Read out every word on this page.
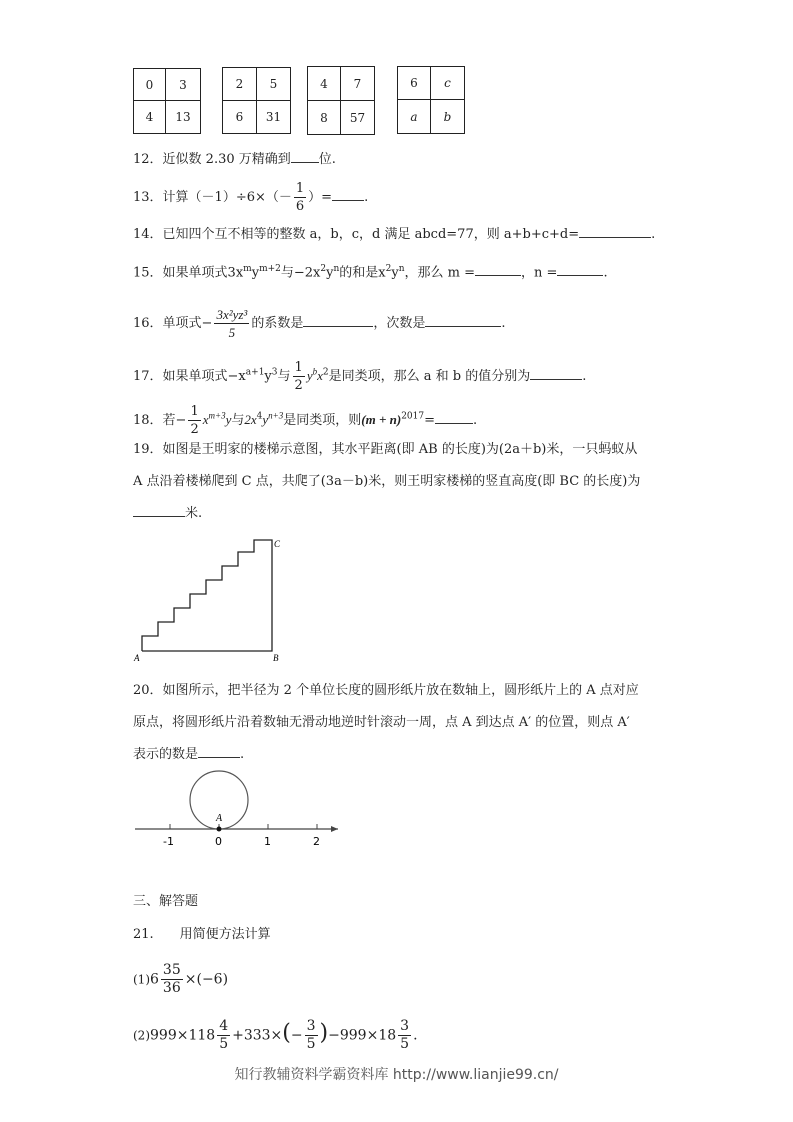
0	3
4	13
2	5
6	31
4	7
8	57
6	c
a	b
12．近似数 2.30 万精确到 位.
13．计算$(-1)\div 6\times(- \frac{1}{6}$ ）= .
14．已知四个互不相等的整数 a，b，c，d 满足 abcd=77，则 a+b+c+d=	.
15．如果单项式$3x^my^{m+2}$与$-2x^2y^n$的和是$x^2y^n$，那么 m =	，n =	.
16．单项式− $\frac{\text{3x²yz³}}{5}$ 的系数是	，次数是	.
17．如果单项式$-x^{a+1}y^3$与 $\frac{1}{2} y^bx^2$是同类项，那么 a 和 b 的值分别为	.
18．若− $\frac{1}{2} x^{m+3}y$与$2x^4y^{n+3}$是同类项，则$(m + n)^{2017}=$	.
19．如图是王明家的楼梯示意图，其水平距离(即 AB 的长度)为(2a＋b)米，一只蚂蚁从
A 点沿着楼梯爬到 C 点，共爬了(3a－b)米，则王明家楼梯的竖直高度(即 BC 的长度)为
米.
A	B
C
20．如图所示，把半径为 2 个单位长度的圆形纸片放在数轴上，圆形纸片上的 A 点对应
原点，将圆形纸片沿着数轴无滑动地逆时针滚动一周，点 A 到达点 A′ 的位置，则点 A′
表示的数是	.
A
-1	0	1	2
三、解答题
21.　　用简便方法计算
$(1)6 \frac{35}{36} \times(-6)$
$(2)999\times 118 \frac{4}{5} +333\times(- \frac{3}{5} )-999\times 18 \frac{3}{5}$ .
知行教辅资料学霸资料库 http://www.lianjie99.cn/
